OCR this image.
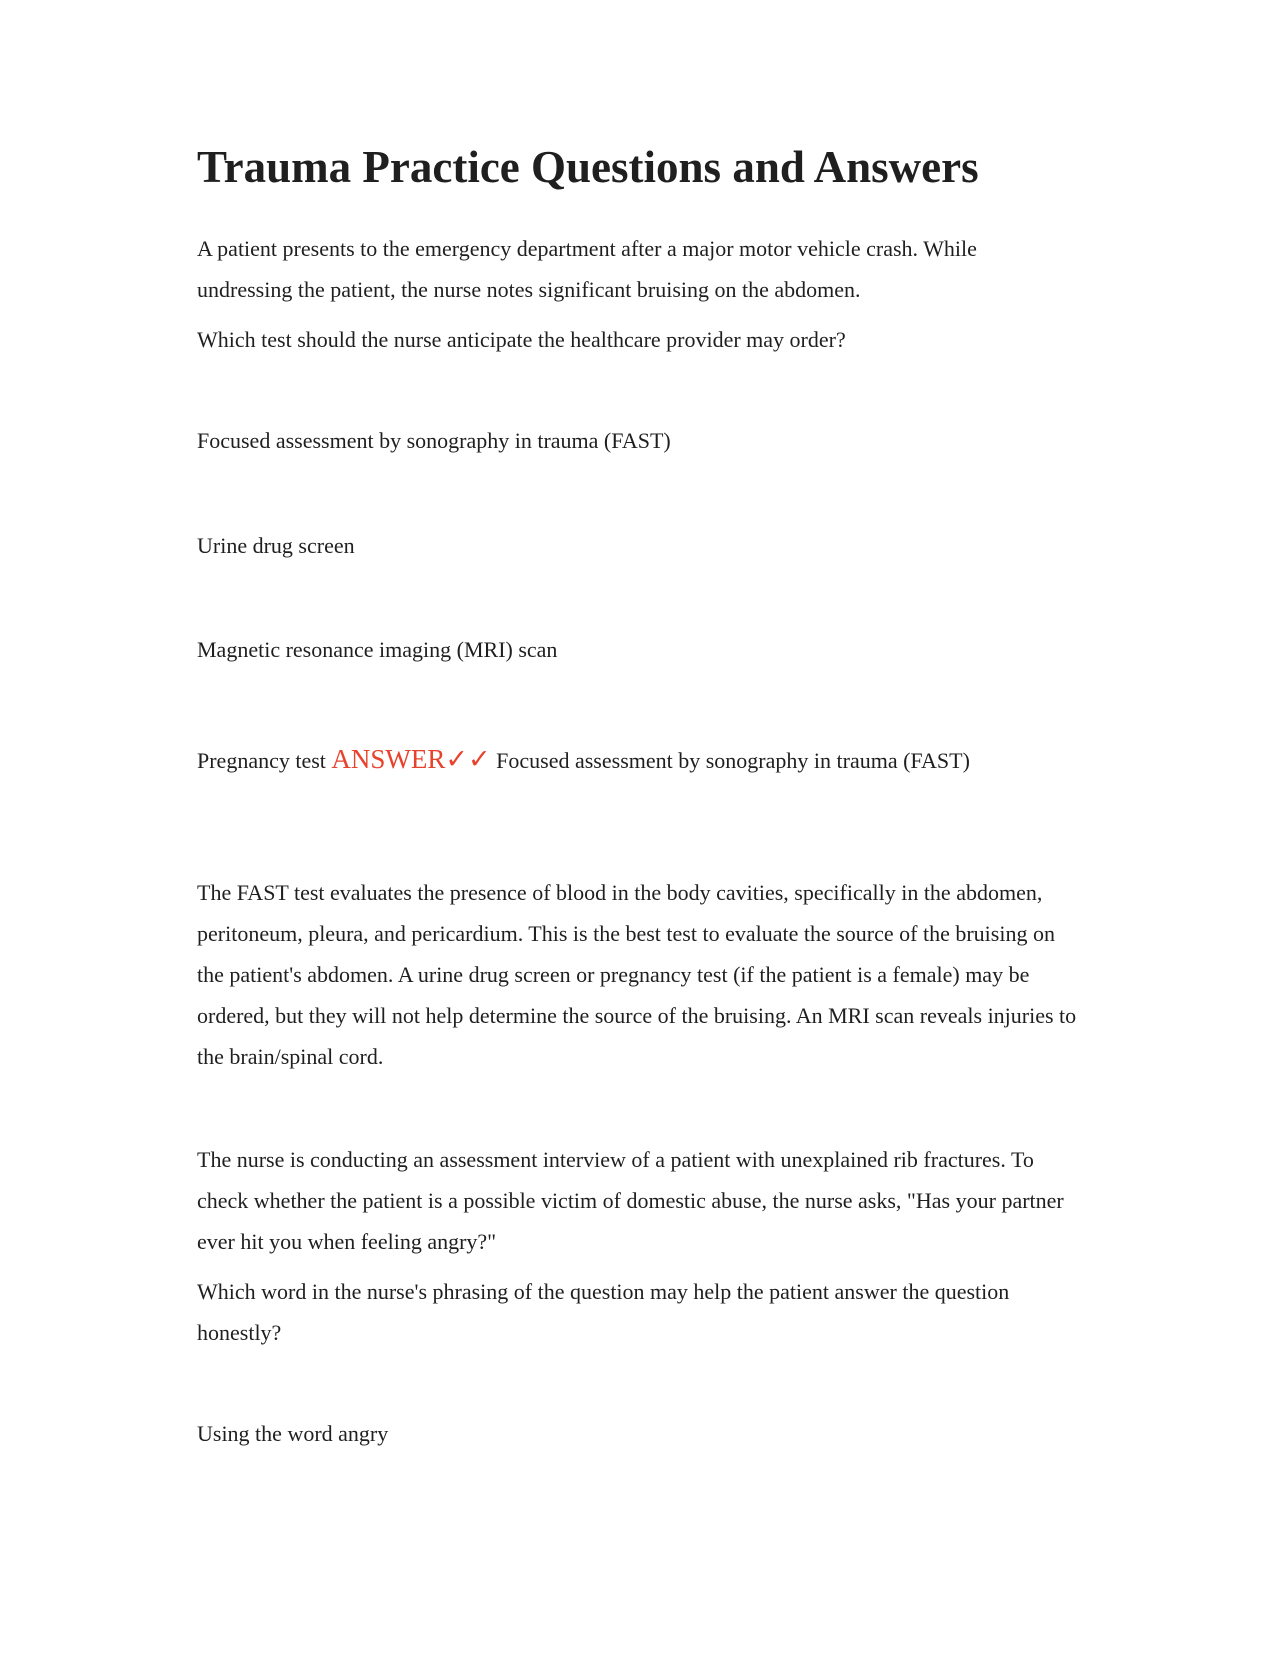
Trauma Practice Questions and Answers

A patient presents to the emergency department after a major motor vehicle crash. While undressing the patient, the nurse notes significant bruising on the abdomen.

Which test should the nurse anticipate the healthcare provider may order?

Focused assessment by sonography in trauma (FAST)

Urine drug screen

Magnetic resonance imaging (MRI) scan

Pregnancy test ANSWER✓✓ Focused assessment by sonography in trauma (FAST)

The FAST test evaluates the presence of blood in the body cavities, specifically in the abdomen, peritoneum, pleura, and pericardium. This is the best test to evaluate the source of the bruising on the patient's abdomen. A urine drug screen or pregnancy test (if the patient is a female) may be ordered, but they will not help determine the source of the bruising. An MRI scan reveals injuries to the brain/spinal cord.

The nurse is conducting an assessment interview of a patient with unexplained rib fractures. To check whether the patient is a possible victim of domestic abuse, the nurse asks, "Has your partner ever hit you when feeling angry?"

Which word in the nurse's phrasing of the question may help the patient answer the question honestly?

Using the word angry
